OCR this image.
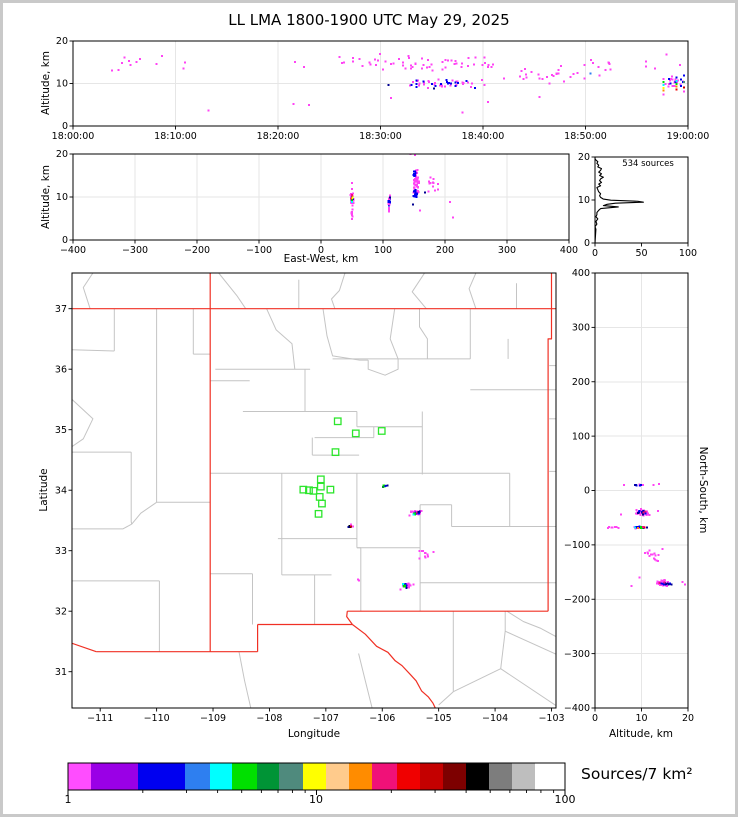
18:00:00	18:10:00	18:20:00	18:30:00	18:40:00	18:50:00	19:00:00
0
10
20
−400	−300	−200	−100	0	100	200	300	400
0
10
20
0	50	100
0
10
20
−111	−110	−109	−108	−107	−106	−105	−104	−103
31
32
33
34
35
36
37
0	10	20
400
300
200
100
0
−100
−200
−300
−400
LL LMA 1800-1900 UTC May 29, 2025
Altitude, km
Altitude, km
534 sources
East-West, km
Latitude
Longitude	Altitude, km
North-South, km
Sources/7 km²
1	10	100
